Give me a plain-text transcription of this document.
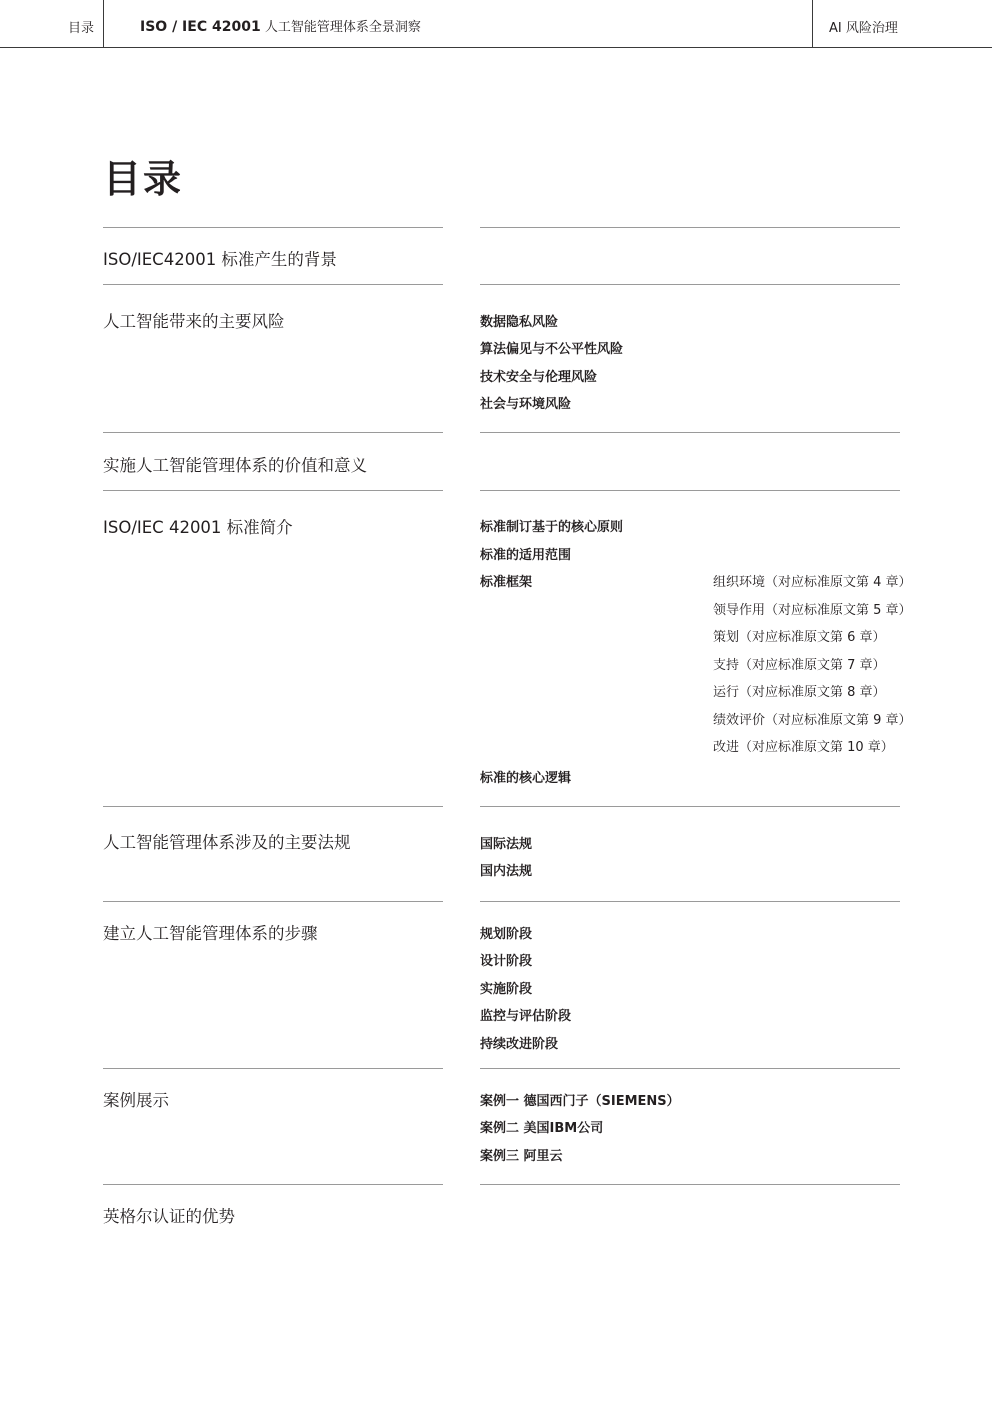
目录	ISO / IEC 42001 人工智能管理体系全景洞察	AI 风险治理
目录
ISO/IEC42001 标准产生的背景
人工智能带来的主要风险	数据隐私风险
算法偏见与不公平性风险
技术安全与伦理风险
社会与环境风险
实施人工智能管理体系的价值和意义
ISO/IEC 42001 标准简介	标准制订基于的核心原则
标准的适用范围
标准框架	组织环境（对应标准原文第 4 章）
领导作用（对应标准原文第 5 章）
策划（对应标准原文第 6 章）
支持（对应标准原文第 7 章）
运行（对应标准原文第 8 章）
绩效评价（对应标准原文第 9 章）
改进（对应标准原文第 10 章）
标准的核心逻辑
人工智能管理体系涉及的主要法规	国际法规
国内法规
建立人工智能管理体系的步骤	规划阶段
设计阶段
实施阶段
监控与评估阶段
持续改进阶段
案例展示	案例一 德国西门子（SIEMENS）
案例二 美国IBM公司
案例三 阿里云
英格尔认证的优势
